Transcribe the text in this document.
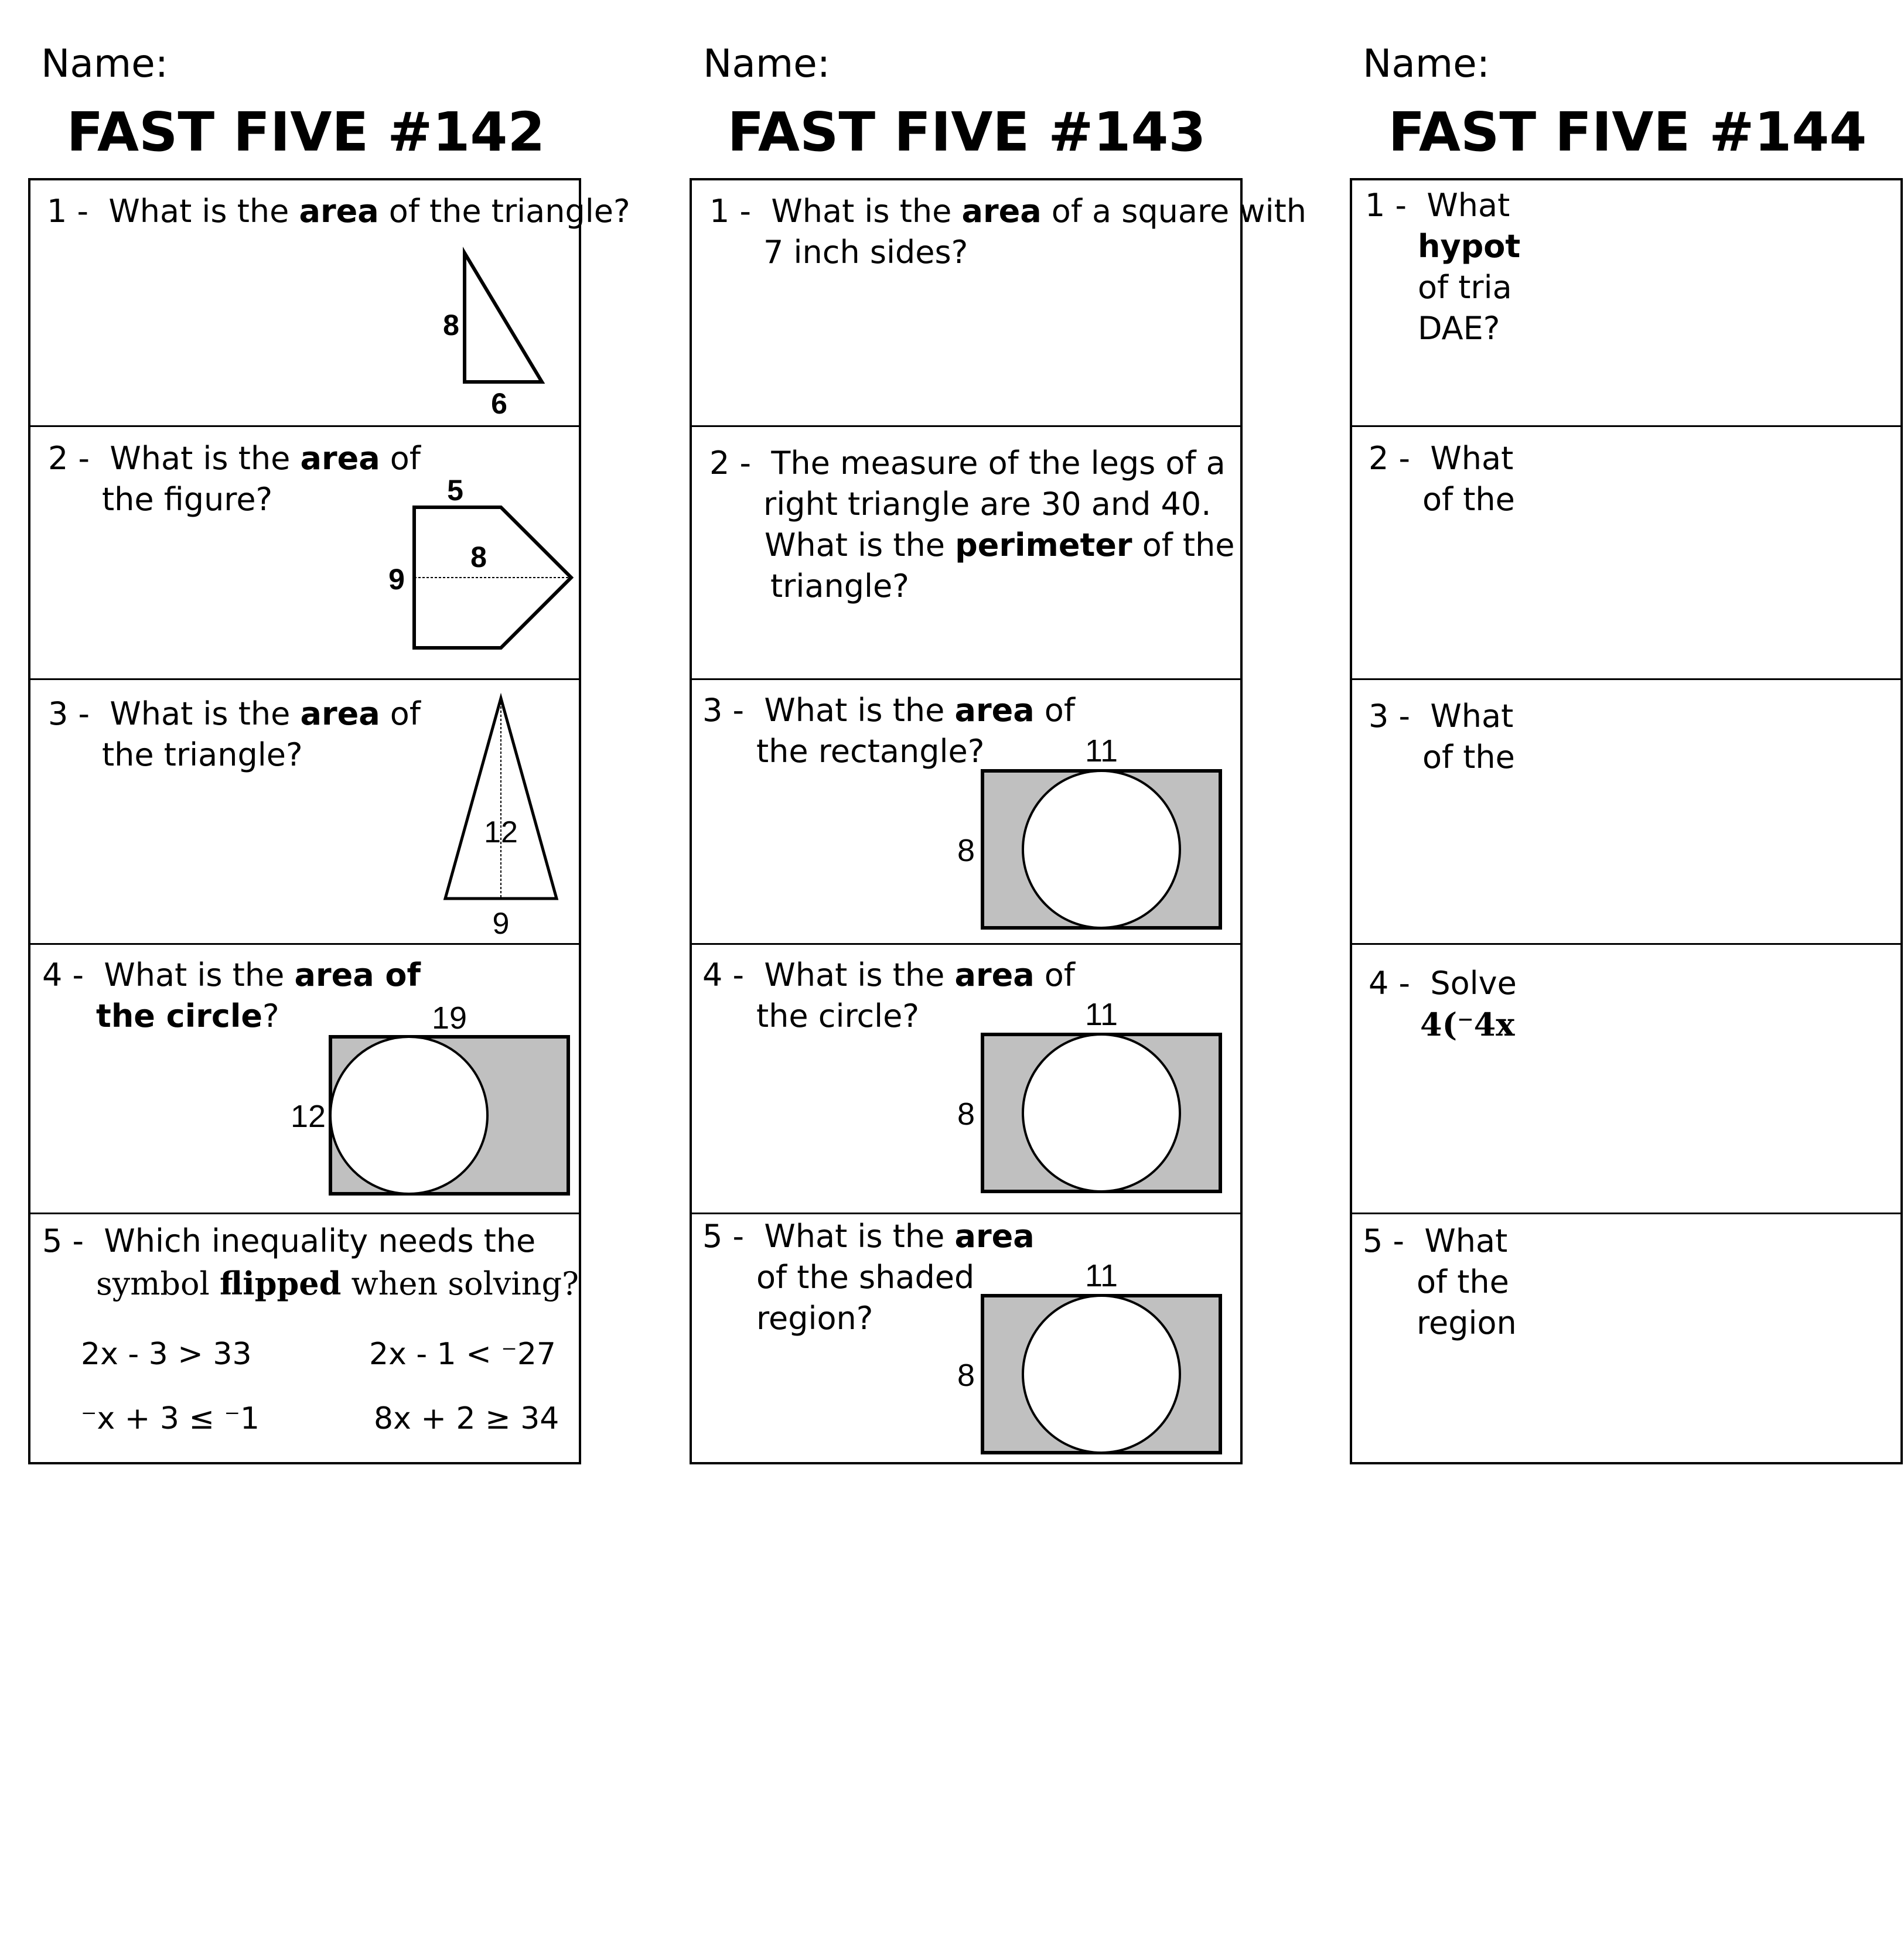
Name:
FAST FIVE #142
1 - What is the area of the triangle?
8
6
2 - What is the area of
the figure?	5
8
9
3 - What is the area of
the triangle?
12
9
4 - What is the area of
the circle?	19
12
5 - Which inequality needs the
symbol flipped when solving?
2x - 3 > 33	2x - 1 < ⁻27
⁻x + 3 ≤ ⁻1	8x + 2 ≥ 34
Name:
FAST FIVE #143
1 - What is the area of a square with
7 inch sides?
2 - The measure of the legs of a
right triangle are 30 and 40.
What is the perimeter of the
triangle?
3 - What is the area of
the rectangle?	11
8
4 - What is the area of
the circle?	11
8
5 - What is the area
of the shaded
region?
11
8
Name:
FAST FIVE #144
1 - What
hypot
of tria
DAE?
2 - What
of the
3 - What
of the
4 - Solve
4(⁻4x
5 - What
of the
region
